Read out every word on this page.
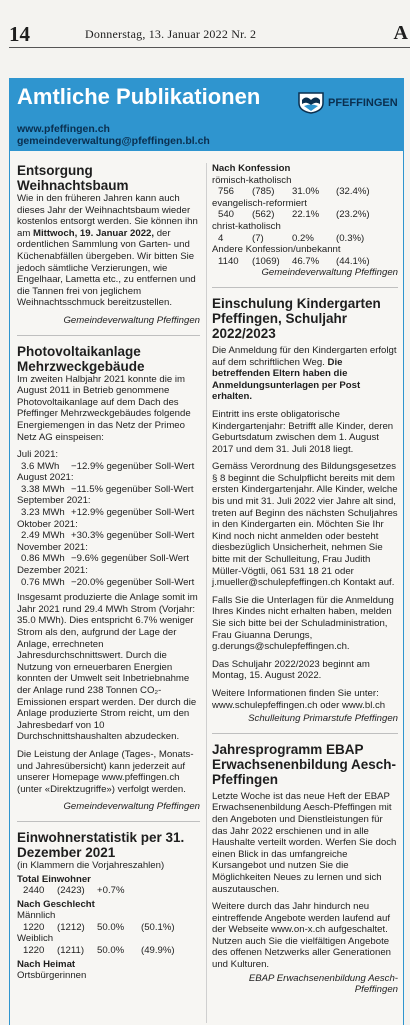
14	Donnerstag, 13. Januar 2022 Nr. 2	A
Amtliche Publikationen
www.pfeffingen.ch
gemeindeverwaltung@pfeffingen.bl.ch
PFEFFINGEN
Entsorgung Weihnachtsbaum

Wie in den früheren Jahren kann auch dieses Jahr der Weihnachtsbaum wieder kostenlos entsorgt werden. Sie können ihn am Mittwoch, 19. Januar 2022, der ordentlichen Sammlung von Garten- und Küchenabfällen übergeben. Wir bitten Sie jedoch sämtliche Verzierungen, wie Engelhaar, Lametta etc., zu entfernen und die Tannen frei von jeglichem Weihnachtsschmuck bereitzustellen.

Gemeindeverwaltung Pfeffingen
Photovoltaikanlage Mehrzweckgebäude

Im zweiten Halbjahr 2021 konnte die im August 2011 in Betrieb genommene Photovoltaikanlage auf dem Dach des Pfeffinger Mehrzweckgebäudes folgende Energiemengen in das Netz der Primeo Netz AG einspeisen:

Juli 2021:
3.6 MWh	−12.9% gegenüber Soll-Wert
August 2021:
3.38 MWh −11.5% gegenüber Soll-Wert
September 2021:
3.23 MWh +12.9% gegenüber Soll-Wert
Oktober 2021:
2.49 MWh +30.3% gegenüber Soll-Wert
November 2021:
0.86 MWh −9.6% gegenüber Soll-Wert
Dezember 2021:
0.76 MWh −20.0% gegenüber Soll-Wert

Insgesamt produzierte die Anlage somit im Jahr 2021 rund 29.4 MWh Strom (Vorjahr: 35.0 MWh). Dies entspricht 6.7% weniger Strom als den, aufgrund der Lage der Anlage, errechneten Jahresdurchschnittswert. Durch die Nutzung von erneuerbaren Energien konnten der Umwelt seit Inbetriebnahme der Anlage rund 238 Tonnen CO₂-Emissionen erspart werden. Der durch die Anlage produzierte Strom reicht, um den Jahresbedarf von 10 Durchschnittshaushalten abzudecken.

Die Leistung der Anlage (Tages-, Monats- und Jahresübersicht) kann jederzeit auf unserer Homepage www.pfeffingen.ch (unter «Direktzugriffe») verfolgt werden.

Gemeindeverwaltung Pfeffingen
Einwohnerstatistik per 31. Dezember 2021
(in Klammern die Vorjahreszahlen)
Total Einwohner
2440	(2423)	+0.7%
Nach Geschlecht
Männlich
1220	(1212)	50.0%	(50.1%)
Weiblich
1220	(1211)	50.0%	(49.9%)
Nach Heimat
Ortsbürgerinnen
Nach Konfession
römisch-katholisch
756	(785)	31.0%	(32.4%)
evangelisch-reformiert
540	(562)	22.1%	(23.2%)
christ-katholisch
4	(7)	0.2%	(0.3%)
Andere Konfession/unbekannt
1140	(1069)	46.7%	(44.1%)
Gemeindeverwaltung Pfeffingen
Einschulung Kindergarten Pfeffingen, Schuljahr 2022/2023

Die Anmeldung für den Kindergarten erfolgt auf dem schriftlichen Weg. Die betreffenden Eltern haben die Anmeldungsunterlagen per Post erhalten.

Eintritt ins erste obligatorische Kindergartenjahr: Betrifft alle Kinder, deren Geburtsdatum zwischen dem 1. August 2017 und dem 31. Juli 2018 liegt.

Gemäss Verordnung des Bildungsgesetzes § 8 beginnt die Schulpflicht bereits mit dem ersten Kindergartenjahr. Alle Kinder, welche bis und mit 31. Juli 2022 vier Jahre alt sind, treten auf Beginn des nächsten Schuljahres in den Kindergarten ein. Möchten Sie Ihr Kind noch nicht anmelden oder besteht diesbezüglich Unsicherheit, nehmen Sie bitte mit der Schulleitung, Frau Judith Müller-Vögtli, 061 531 18 21 oder j.mueller@schulepfeffingen.ch Kontakt auf.

Falls Sie die Unterlagen für die Anmeldung Ihres Kindes nicht erhalten haben, melden Sie sich bitte bei der Schuladministration, Frau Giuanna Derungs, g.derungs@schulepfeffingen.ch.

Das Schuljahr 2022/2023 beginnt am Montag, 15. August 2022.

Weitere Informationen finden Sie unter: www.schulepfeffingen.ch oder www.bl.ch

Schulleitung Primarstufe Pfeffingen
Jahresprogramm EBAP Erwachsenenbildung Aesch-Pfeffingen

Letzte Woche ist das neue Heft der EBAP Erwachsenenbildung Aesch-Pfeffingen mit den Angeboten und Dienstleistungen für das Jahr 2022 erschienen und in alle Haushalte verteilt worden. Werfen Sie doch einen Blick in das umfangreiche Kursangebot und nutzen Sie die Möglichkeiten Neues zu lernen und sich auszutauschen.

Weitere durch das Jahr hindurch neu eintreffende Angebote werden laufend auf der Webseite www.on-x.ch aufgeschaltet. Nutzen auch Sie die vielfältigen Angebote des offenen Netzwerks aller Generationen und Kulturen.

EBAP Erwachsenenbildung Aesch-Pfeffingen
